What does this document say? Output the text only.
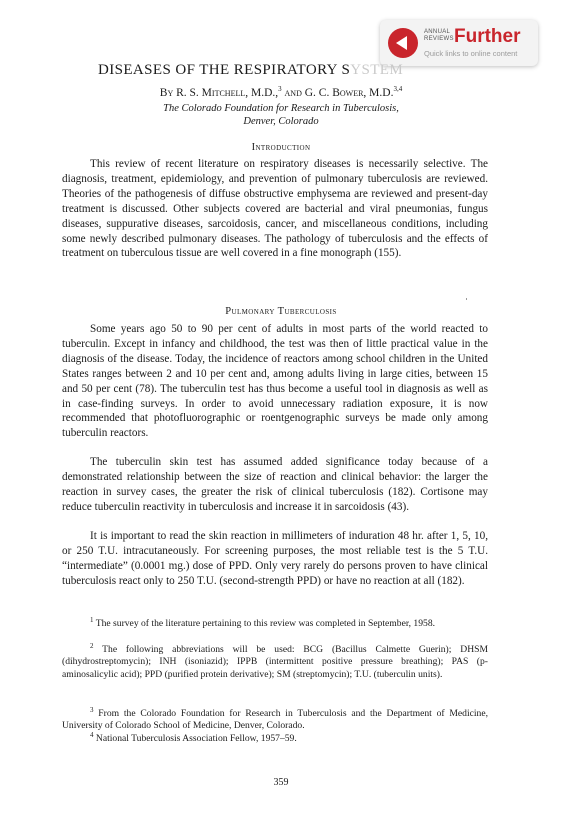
ANNUAL
REVIEWS Further
Quick links to online content
DISEASES OF THE RESPIRATORY SYSTEM
By R. S. Mitchell, M.D.,$^3$ and G. C. Bower, M.D.$^{3,4}$
The Colorado Foundation for Research in Tuberculosis,
Denver, Colorado
Introduction
This review of recent literature on respiratory diseases is necessarily selective. The diagnosis, treatment, epidemiology, and prevention of pulmonary tuberculosis are reviewed. Theories of the pathogenesis of diffuse obstructive emphysema are reviewed and present-day treatment is discussed. Other subjects covered are bacterial and viral pneumonias, fungus diseases, suppurative diseases, sarcoidosis, cancer, and miscellaneous conditions, including some newly described pulmonary diseases. The pathology of tuberculosis and the effects of treatment on tuberculous tissue are well covered in a fine monograph (155).
Pulmonary Tuberculosis
Some years ago 50 to 90 per cent of adults in most parts of the world reacted to tuberculin. Except in infancy and childhood, the test was then of little practical value in the diagnosis of the disease. Today, the incidence of reactors among school children in the United States ranges between 2 and 10 per cent and, among adults living in large cities, between 15 and 50 per cent (78). The tuberculin test has thus become a useful tool in diagnosis as well as in case-finding surveys. In order to avoid unnecessary radiation exposure, it is now recommended that photofluorographic or roentgenographic surveys be made only among tuberculin reactors.
The tuberculin skin test has assumed added significance today because of a demonstrated relationship between the size of reaction and clinical behavior: the larger the reaction in survey cases, the greater the risk of clinical tuberculosis (182). Cortisone may reduce tuberculin reactivity in tuberculosis and increase it in sarcoidosis (43).
It is important to read the skin reaction in millimeters of induration 48 hr. after 1, 5, 10, or 250 T.U. intracutaneously. For screening purposes, the most reliable test is the 5 T.U. “intermediate” (0.0001 mg.) dose of PPD. Only very rarely do persons proven to have clinical tuberculosis react only to 250 T.U. (second-strength PPD) or have no reaction at all (182).
$^1$ The survey of the literature pertaining to this review was completed in September, 1958.
$^2$ The following abbreviations will be used: BCG (Bacillus Calmette Guerin); DHSM (dihydrostreptomycin); INH (isoniazid); IPPB (intermittent positive pressure breathing); PAS (p-aminosalicylic acid); PPD (purified protein derivative); SM (streptomycin); T.U. (tuberculin units).
$^3$ From the Colorado Foundation for Research in Tuberculosis and the Department of Medicine, University of Colorado School of Medicine, Denver, Colorado.
$^4$ National Tuberculosis Association Fellow, 1957–59.
359
